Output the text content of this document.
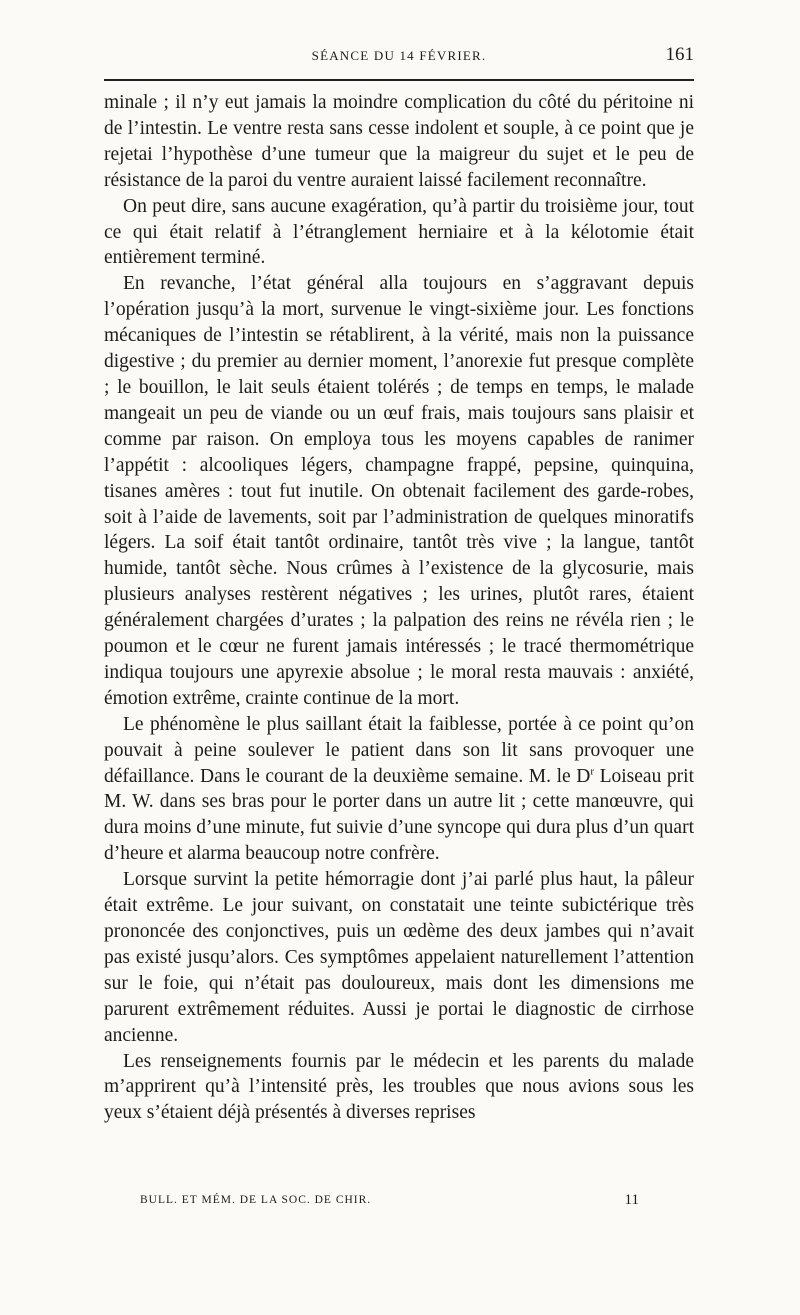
SÉANCE DU 14 FÉVRIER.	161

minale ; il n’y eut jamais la moindre complication du côté du péritoine ni de l’intestin. Le ventre resta sans cesse indolent et souple, à ce point que je rejetai l’hypothèse d’une tumeur que la maigreur du sujet et le peu de résistance de la paroi du ventre auraient laissé facilement reconnaître.

On peut dire, sans aucune exagération, qu’à partir du troisième jour, tout ce qui était relatif à l’étranglement herniaire et à la kélotomie était entièrement terminé.

En revanche, l’état général alla toujours en s’aggravant depuis l’opération jusqu’à la mort, survenue le vingt-sixième jour. Les fonctions mécaniques de l’intestin se rétablirent, à la vérité, mais non la puissance digestive ; du premier au dernier moment, l’anorexie fut presque complète ; le bouillon, le lait seuls étaient tolérés ; de temps en temps, le malade mangeait un peu de viande ou un œuf frais, mais toujours sans plaisir et comme par raison. On employa tous les moyens capables de ranimer l’appétit : alcooliques légers, champagne frappé, pepsine, quinquina, tisanes amères : tout fut inutile. On obtenait facilement des garde-robes, soit à l’aide de lavements, soit par l’administration de quelques minoratifs légers. La soif était tantôt ordinaire, tantôt très vive ; la langue, tantôt humide, tantôt sèche. Nous crûmes à l’existence de la glycosurie, mais plusieurs analyses restèrent négatives ; les urines, plutôt rares, étaient généralement chargées d’urates ; la palpation des reins ne révéla rien ; le poumon et le cœur ne furent jamais intéressés ; le tracé thermométrique indiqua toujours une apyrexie absolue ; le moral resta mauvais : anxiété, émotion extrême, crainte continue de la mort.

Le phénomène le plus saillant était la faiblesse, portée à ce point qu’on pouvait à peine soulever le patient dans son lit sans provoquer une défaillance. Dans le courant de la deuxième semaine. M. le $D^r$ Loiseau prit M. W. dans ses bras pour le porter dans un autre lit ; cette manœuvre, qui dura moins d’une minute, fut suivie d’une syncope qui dura plus d’un quart d’heure et alarma beaucoup notre confrère.

Lorsque survint la petite hémorragie dont j’ai parlé plus haut, la pâleur était extrême. Le jour suivant, on constatait une teinte subictérique très prononcée des conjonctives, puis un œdème des deux jambes qui n’avait pas existé jusqu’alors. Ces symptômes appelaient naturellement l’attention sur le foie, qui n’était pas douloureux, mais dont les dimensions me parurent extrêmement réduites. Aussi je portai le diagnostic de cirrhose ancienne.

Les renseignements fournis par le médecin et les parents du malade m’apprirent qu’à l’intensité près, les troubles que nous avions sous les yeux s’étaient déjà présentés à diverses reprises

BULL. ET MÉM. DE LA SOC. DE CHIR.	11
